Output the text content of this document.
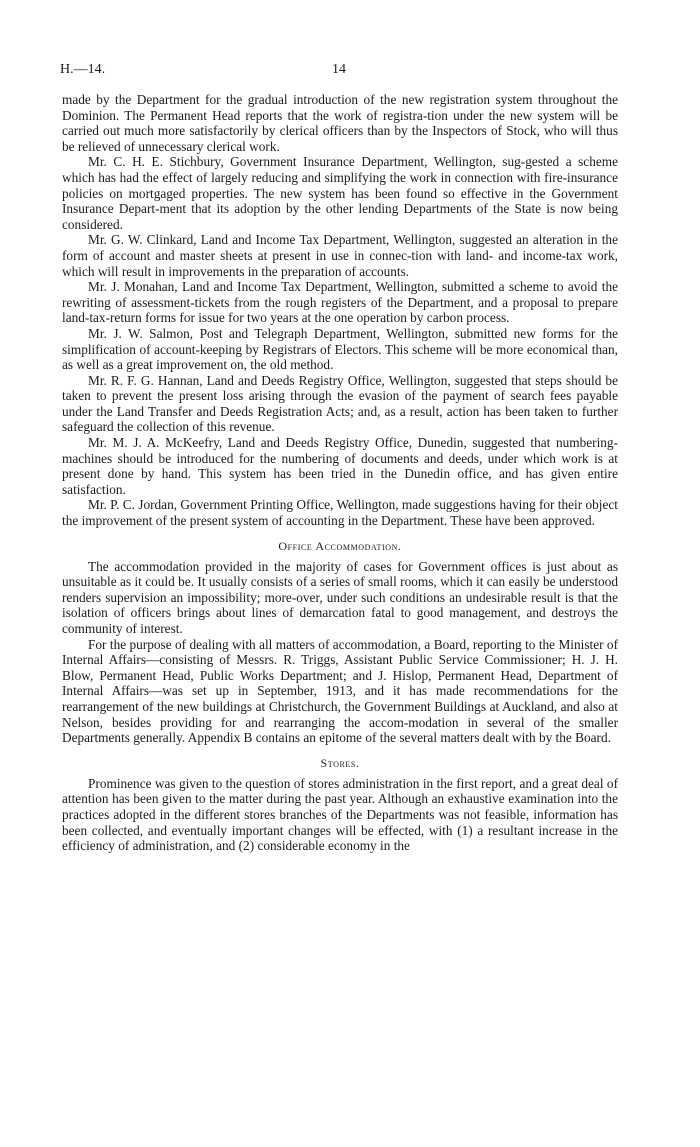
H.—14.	14

made by the Department for the gradual introduction of the new registration system throughout the Dominion. The Permanent Head reports that the work of registra-tion under the new system will be carried out much more satisfactorily by clerical officers than by the Inspectors of Stock, who will thus be relieved of unnecessary clerical work.

Mr. C. H. E. Stichbury, Government Insurance Department, Wellington, sug-gested a scheme which has had the effect of largely reducing and simplifying the work in connection with fire-insurance policies on mortgaged properties. The new system has been found so effective in the Government Insurance Depart-ment that its adoption by the other lending Departments of the State is now being considered.

Mr. G. W. Clinkard, Land and Income Tax Department, Wellington, suggested an alteration in the form of account and master sheets at present in use in connec-tion with land- and income-tax work, which will result in improvements in the preparation of accounts.

Mr. J. Monahan, Land and Income Tax Department, Wellington, submitted a scheme to avoid the rewriting of assessment-tickets from the rough registers of the Department, and a proposal to prepare land-tax-return forms for issue for two years at the one operation by carbon process.

Mr. J. W. Salmon, Post and Telegraph Department, Wellington, submitted new forms for the simplification of account-keeping by Registrars of Electors. This scheme will be more economical than, as well as a great improvement on, the old method.

Mr. R. F. G. Hannan, Land and Deeds Registry Office, Wellington, suggested that steps should be taken to prevent the present loss arising through the evasion of the payment of search fees payable under the Land Transfer and Deeds Registration Acts; and, as a result, action has been taken to further safeguard the collection of this revenue.

Mr. M. J. A. McKeefry, Land and Deeds Registry Office, Dunedin, suggested that numbering-machines should be introduced for the numbering of documents and deeds, under which work is at present done by hand. This system has been tried in the Dunedin office, and has given entire satisfaction.

Mr. P. C. Jordan, Government Printing Office, Wellington, made suggestions having for their object the improvement of the present system of accounting in the Department. These have been approved.

Office Accommodation.

The accommodation provided in the majority of cases for Government offices is just about as unsuitable as it could be. It usually consists of a series of small rooms, which it can easily be understood renders supervision an impossibility; more-over, under such conditions an undesirable result is that the isolation of officers brings about lines of demarcation fatal to good management, and destroys the community of interest.

For the purpose of dealing with all matters of accommodation, a Board, reporting to the Minister of Internal Affairs—consisting of Messrs. R. Triggs, Assistant Public Service Commissioner; H. J. H. Blow, Permanent Head, Public Works Department; and J. Hislop, Permanent Head, Department of Internal Affairs—was set up in September, 1913, and it has made recommendations for the rearrangement of the new buildings at Christchurch, the Government Buildings at Auckland, and also at Nelson, besides providing for and rearranging the accom-modation in several of the smaller Departments generally. Appendix B contains an epitome of the several matters dealt with by the Board.

Stores.

Prominence was given to the question of stores administration in the first report, and a great deal of attention has been given to the matter during the past year. Although an exhaustive examination into the practices adopted in the different stores branches of the Departments was not feasible, information has been collected, and eventually important changes will be effected, with (1) a resultant increase in the efficiency of administration, and (2) considerable economy in the
